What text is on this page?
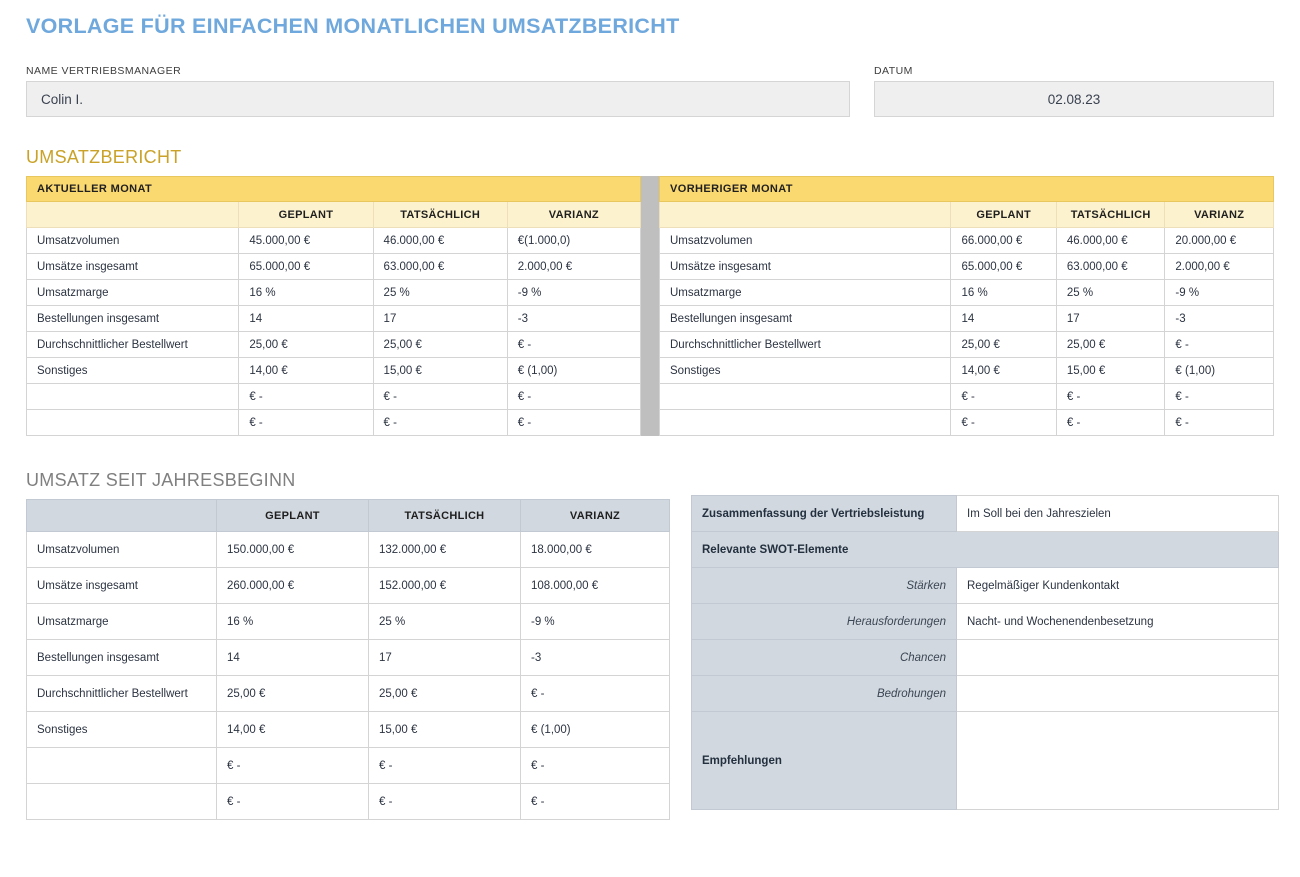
VORLAGE FÜR EINFACHEN MONATLICHEN UMSATZBERICHT
NAME VERTRIEBSMANAGER
Colin I.
DATUM
02.08.23
UMSATZBERICHT
AKTUELLER MONAT			
	GEPLANT	TATSÄCHLICH	VARIANZ
Umsatzvolumen	45.000,00 €	46.000,00 €	€(1.000,0)
Umsätze insgesamt	65.000,00 €	63.000,00 €	2.000,00 €
Umsatzmarge	16 %	25 %	-9 %
Bestellungen insgesamt	14	17	-3
Durchschnittlicher Bestellwert	25,00 €	25,00 €	€ -
Sonstiges	14,00 €	15,00 €	€ (1,00)
	€ -	€ -	€ -
	€ -	€ -	€ -
VORHERIGER MONAT			
	GEPLANT	TATSÄCHLICH	VARIANZ
Umsatzvolumen	66.000,00 €	46.000,00 €	20.000,00 €
Umsätze insgesamt	65.000,00 €	63.000,00 €	2.000,00 €
Umsatzmarge	16 %	25 %	-9 %
Bestellungen insgesamt	14	17	-3
Durchschnittlicher Bestellwert	25,00 €	25,00 €	€ -
Sonstiges	14,00 €	15,00 €	€ (1,00)
	€ -	€ -	€ -
	€ -	€ -	€ -
UMSATZ SEIT JAHRESBEGINN
	GEPLANT	TATSÄCHLICH	VARIANZ
Umsatzvolumen	150.000,00 €	132.000,00 €	18.000,00 €
Umsätze insgesamt	260.000,00 €	152.000,00 €	108.000,00 €
Umsatzmarge	16 %	25 %	-9 %
Bestellungen insgesamt	14	17	-3
Durchschnittlicher Bestellwert	25,00 €	25,00 €	€ -
Sonstiges	14,00 €	15,00 €	€ (1,00)
	€ -	€ -	€ -
	€ -	€ -	€ -
Zusammenfassung der Vertriebsleistung	Im Soll bei den Jahreszielen
Relevante SWOT-Elemente	
Stärken	Regelmäßiger Kundenkontakt
Herausforderungen	Nacht- und Wochenendenbesetzung
Chancen	
Bedrohungen	
Empfehlungen	
